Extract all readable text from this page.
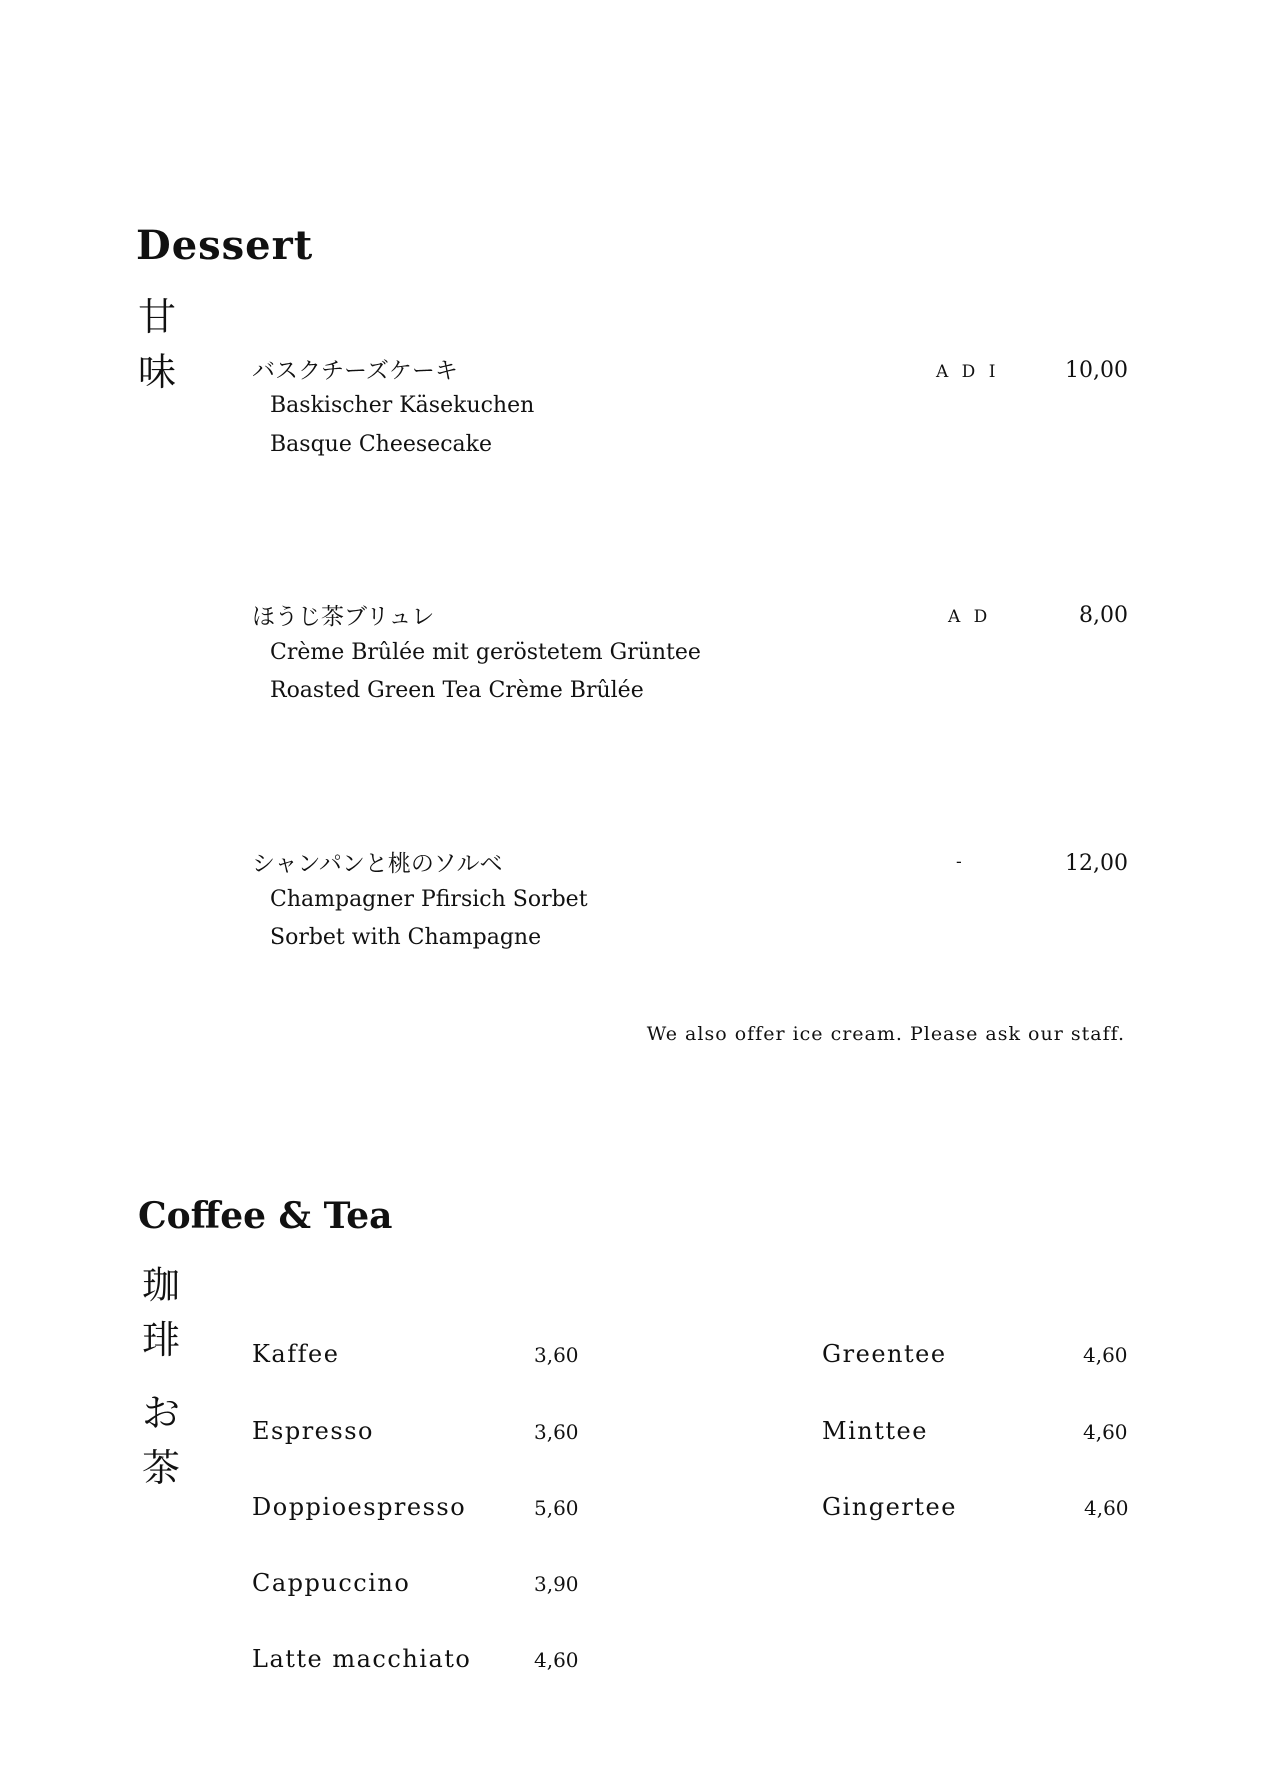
Dessert
甘
味	バスクチーズケーキ
Baskischer Käsekuchen
Basque Cheesecake
A D I	10,00
ほうじ茶ブリュレ
Crème Brûlée mit geröstetem Grüntee
Roasted Green Tea Crème Brûlée
A D	8,00
シャンパンと桃のソルベ
Champagner Pfirsich Sorbet
Sorbet with Champagne
-	12,00
We also offer ice cream. Please ask our staff.
Coffee & Tea
珈
琲
お
茶
Kaffee	3,60
Espresso	3,60
Doppioespresso	5,60
Cappuccino	3,90
Latte macchiato	4,60
Greentee	4,60
Minttee	4,60
Gingertee	4,60
